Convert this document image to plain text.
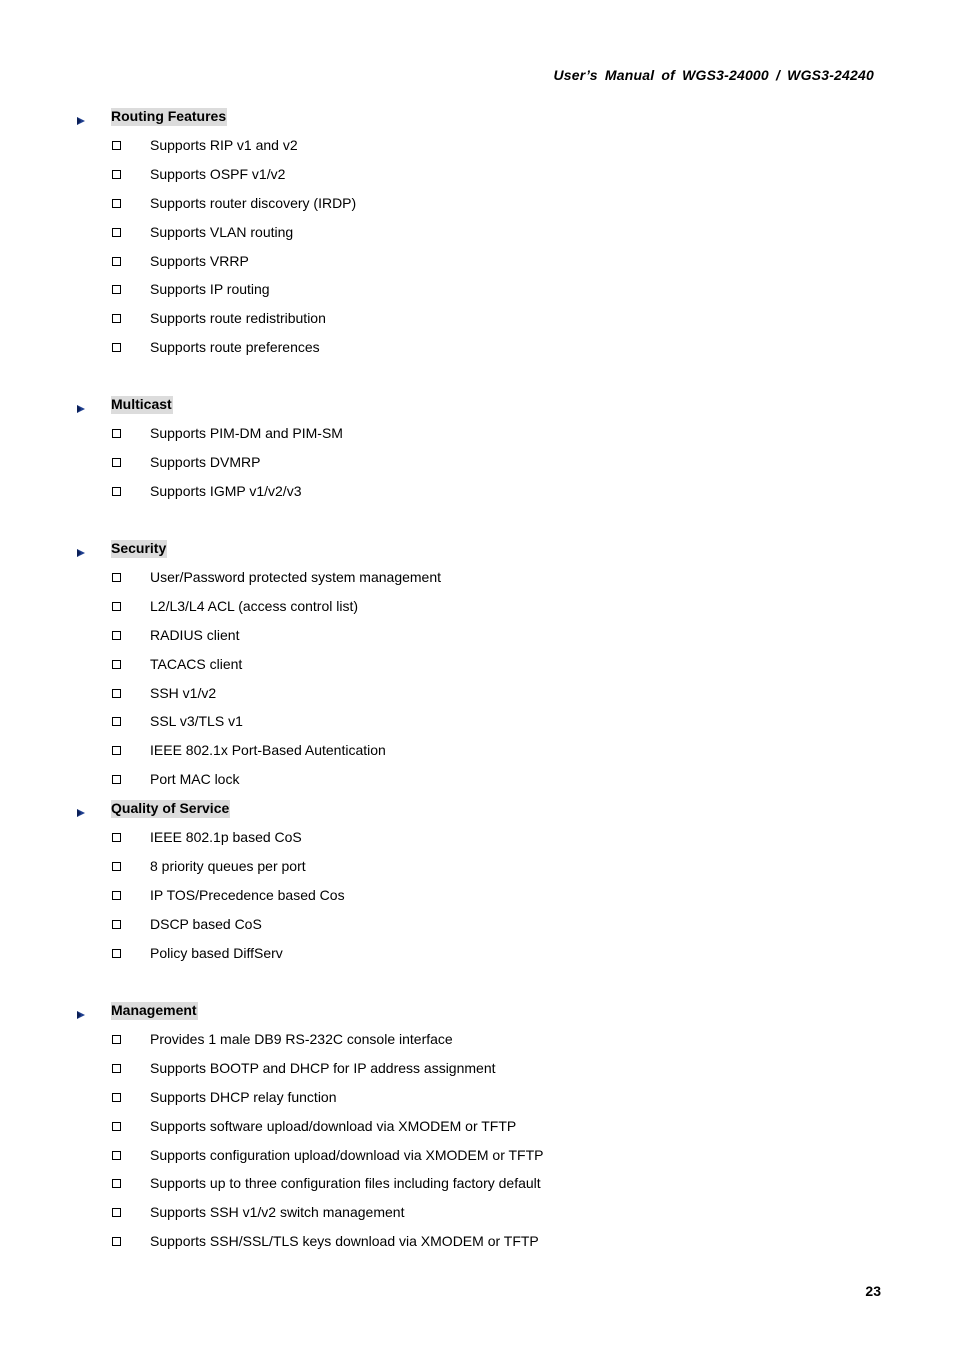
User’s Manual of WGS3-24000 / WGS3-24240
Routing Features
Supports RIP v1 and v2
Supports OSPF v1/v2
Supports router discovery (IRDP)
Supports VLAN routing
Supports VRRP
Supports IP routing
Supports route redistribution
Supports route preferences
Multicast
Supports PIM-DM and PIM-SM
Supports DVMRP
Supports IGMP v1/v2/v3
Security
User/Password protected system management
L2/L3/L4 ACL (access control list)
RADIUS client
TACACS client
SSH v1/v2
SSL v3/TLS v1
IEEE 802.1x Port-Based Autentication
Port MAC lock
Quality of Service
IEEE 802.1p based CoS
8 priority queues per port
IP TOS/Precedence based Cos
DSCP based CoS
Policy based DiffServ
Management
Provides 1 male DB9 RS-232C console interface
Supports BOOTP and DHCP for IP address assignment
Supports DHCP relay function
Supports software upload/download via XMODEM or TFTP
Supports configuration upload/download via XMODEM or TFTP
Supports up to three configuration files including factory default
Supports SSH v1/v2 switch management
Supports SSH/SSL/TLS keys download via XMODEM or TFTP
23
